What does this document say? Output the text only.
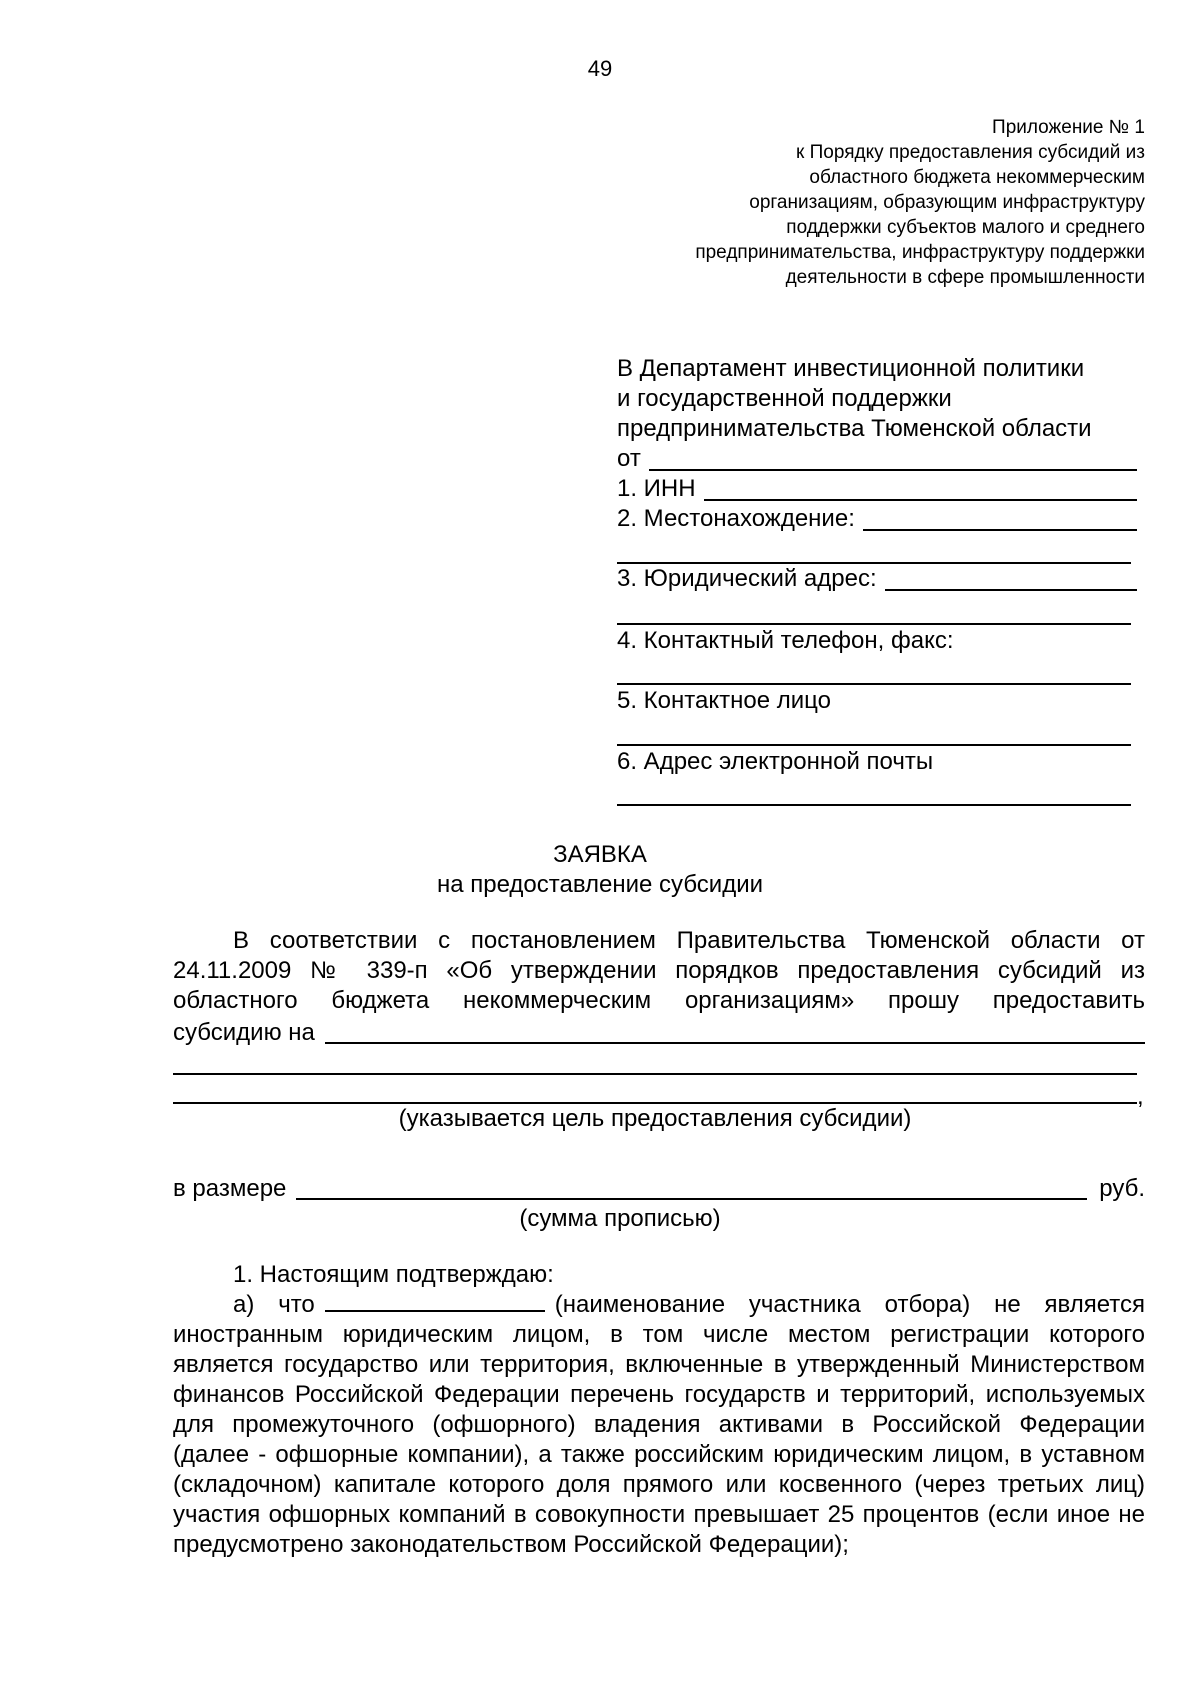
49
Приложение № 1
к Порядку предоставления субсидий из
областного бюджета некоммерческим
организациям, образующим инфраструктуру
поддержки субъектов малого и среднего
предпринимательства, инфраструктуру поддержки
деятельности в сфере промышленности
В Департамент инвестиционной политики
и государственной поддержки
предпринимательства Тюменской области
от
1. ИНН
2. Местонахождение:
3. Юридический адрес:
4. Контактный телефон, факс:
5. Контактное лицо
6. Адрес электронной почты
ЗАЯВКА
на предоставление субсидии
В соответствии с постановлением Правительства Тюменской области от 24.11.2009 № 339-п «Об утверждении порядков предоставления субсидий из областного бюджета некоммерческим организациям» прошу предоставить
субсидию на
,
(указывается цель предоставления субсидии)
в размере	руб.
(сумма прописью)
1. Настоящим подтверждаю:
а) что	(наименование участника отбора) не является иностранным юридическим лицом, в том числе местом регистрации которого является государство или территория, включенные в утвержденный Министерством финансов Российской Федерации перечень государств и территорий, используемых для промежуточного (офшорного) владения активами в Российской Федерации (далее - офшорные компании), а также российским юридическим лицом, в уставном (складочном) капитале которого доля прямого или косвенного (через третьих лиц) участия офшорных компаний в совокупности превышает 25 процентов (если иное не предусмотрено законодательством Российской Федерации);
